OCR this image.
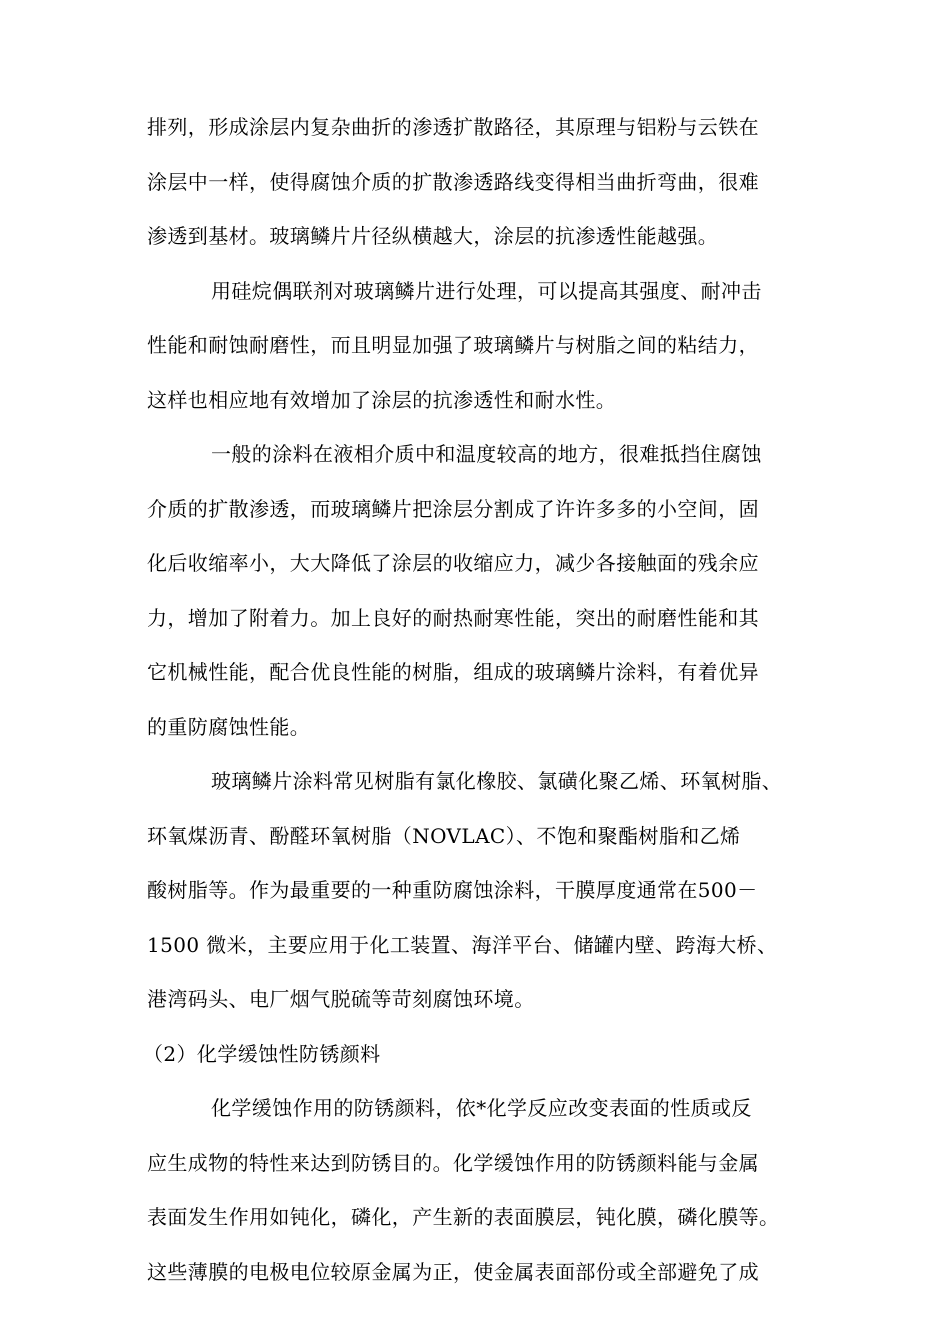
排列，形成涂层内复杂曲折的渗透扩散路径，其原理与铝粉与云铁在
涂层中一样，使得腐蚀介质的扩散渗透路线变得相当曲折弯曲，很难
渗透到基材。玻璃鳞片片径纵横越大，涂层的抗渗透性能越强。
用硅烷偶联剂对玻璃鳞片进行处理，可以提高其强度、耐冲击
性能和耐蚀耐磨性，而且明显加强了玻璃鳞片与树脂之间的粘结力，
这样也相应地有效增加了涂层的抗渗透性和耐水性。
一般的涂料在液相介质中和温度较高的地方，很难抵挡住腐蚀
介质的扩散渗透，而玻璃鳞片把涂层分割成了许许多多的小空间，固
化后收缩率小，大大降低了涂层的收缩应力，减少各接触面的残余应
力，增加了附着力。加上良好的耐热耐寒性能，突出的耐磨性能和其
它机械性能，配合优良性能的树脂，组成的玻璃鳞片涂料，有着优异
的重防腐蚀性能。
玻璃鳞片涂料常见树脂有氯化橡胶、氯磺化聚乙烯、环氧树脂、
环氧煤沥青、酚醛环氧树脂（NOVLAC）、不饱和聚酯树脂和乙烯
酸树脂等。作为最重要的一种重防腐蚀涂料，干膜厚度通常在500－
1500 微米，主要应用于化工装置、海洋平台、储罐内壁、跨海大桥、
港湾码头、电厂烟气脱硫等苛刻腐蚀环境。
（2）化学缓蚀性防锈颜料
化学缓蚀作用的防锈颜料，依*化学反应改变表面的性质或反
应生成物的特性来达到防锈目的。化学缓蚀作用的防锈颜料能与金属
表面发生作用如钝化，磷化，产生新的表面膜层，钝化膜，磷化膜等。
这些薄膜的电极电位较原金属为正，使金属表面部份或全部避免了成
